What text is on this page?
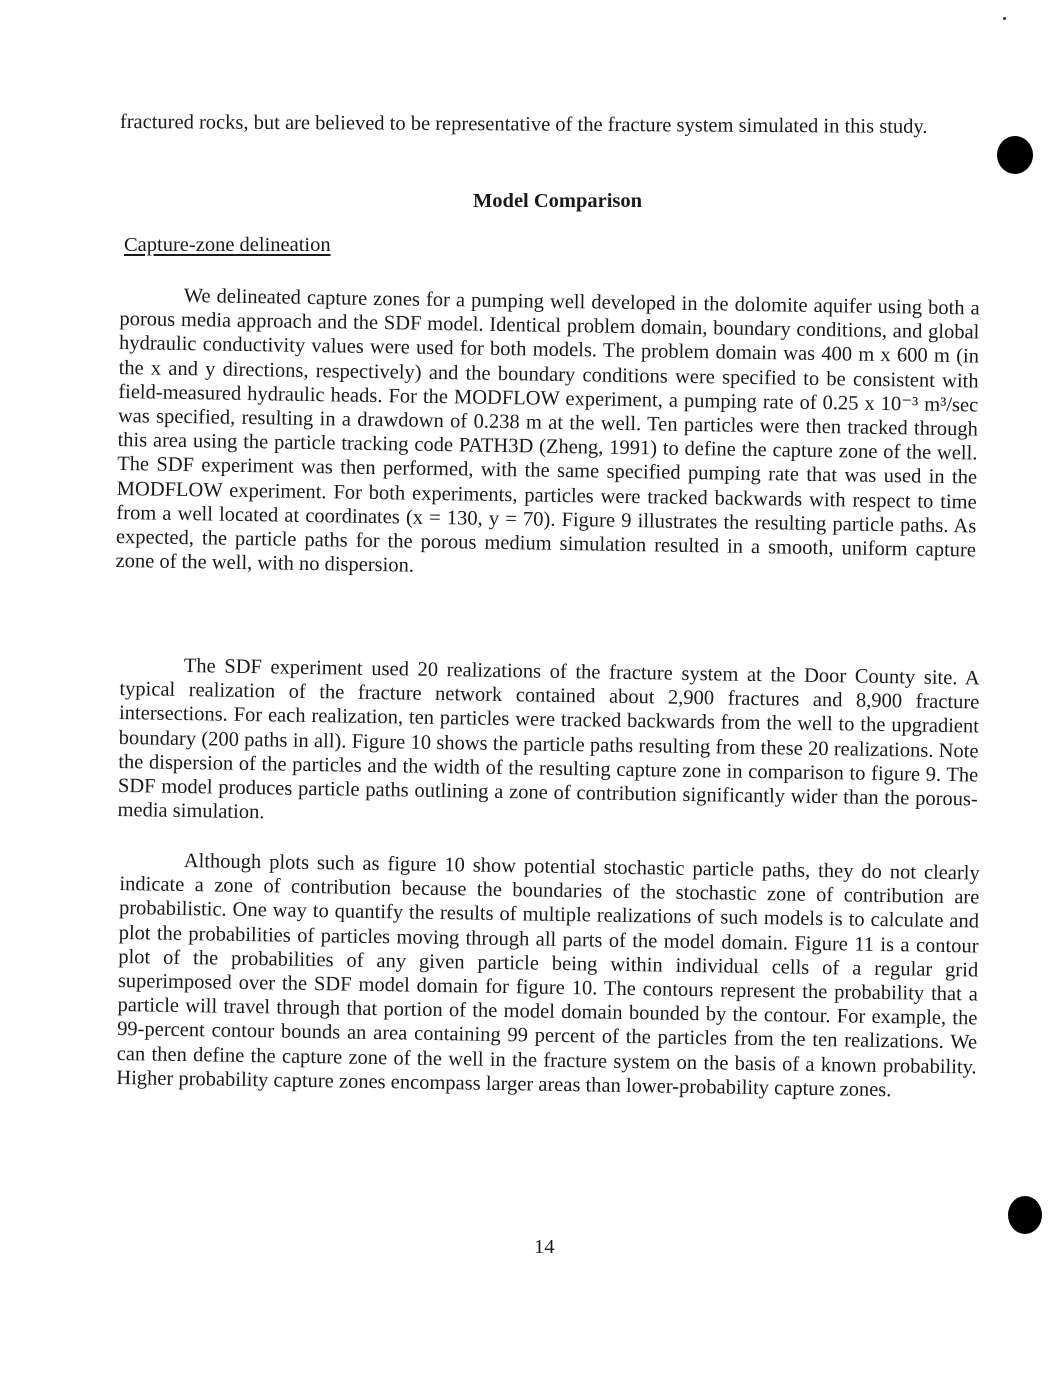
fractured rocks, but are believed to be representative of the fracture system simulated in this study.

Model Comparison
Capture-zone delineation

We delineated capture zones for a pumping well developed in the dolomite aquifer using both a porous media approach and the SDF model. Identical problem domain, boundary conditions, and global hydraulic conductivity values were used for both models. The problem domain was 400 m x 600 m (in the x and y directions, respectively) and the boundary conditions were specified to be consistent with field-measured hydraulic heads. For the MODFLOW experiment, a pumping rate of 0.25 x 10⁻³ m³/sec was specified, resulting in a drawdown of 0.238 m at the well. Ten particles were then tracked through this area using the particle tracking code PATH3D (Zheng, 1991) to define the capture zone of the well. The SDF experiment was then performed, with the same specified pumping rate that was used in the MODFLOW experiment. For both experiments, particles were tracked backwards with respect to time from a well located at coordinates (x = 130, y = 70). Figure 9 illustrates the resulting particle paths. As expected, the particle paths for the porous medium simulation resulted in a smooth, uniform capture zone of the well, with no dispersion.

The SDF experiment used 20 realizations of the fracture system at the Door County site. A typical realization of the fracture network contained about 2,900 fractures and 8,900 fracture intersections. For each realization, ten particles were tracked backwards from the well to the upgradient boundary (200 paths in all). Figure 10 shows the particle paths resulting from these 20 realizations. Note the dispersion of the particles and the width of the resulting capture zone in comparison to figure 9. The SDF model produces particle paths outlining a zone of contribution significantly wider than the porous-media simulation.

Although plots such as figure 10 show potential stochastic particle paths, they do not clearly indicate a zone of contribution because the boundaries of the stochastic zone of contribution are probabilistic. One way to quantify the results of multiple realizations of such models is to calculate and plot the probabilities of particles moving through all parts of the model domain. Figure 11 is a contour plot of the probabilities of any given particle being within individual cells of a regular grid superimposed over the SDF model domain for figure 10. The contours represent the probability that a particle will travel through that portion of the model domain bounded by the contour. For example, the 99-percent contour bounds an area containing 99 percent of the particles from the ten realizations. We can then define the capture zone of the well in the fracture system on the basis of a known probability. Higher probability capture zones encompass larger areas than lower-probability capture zones.

14
